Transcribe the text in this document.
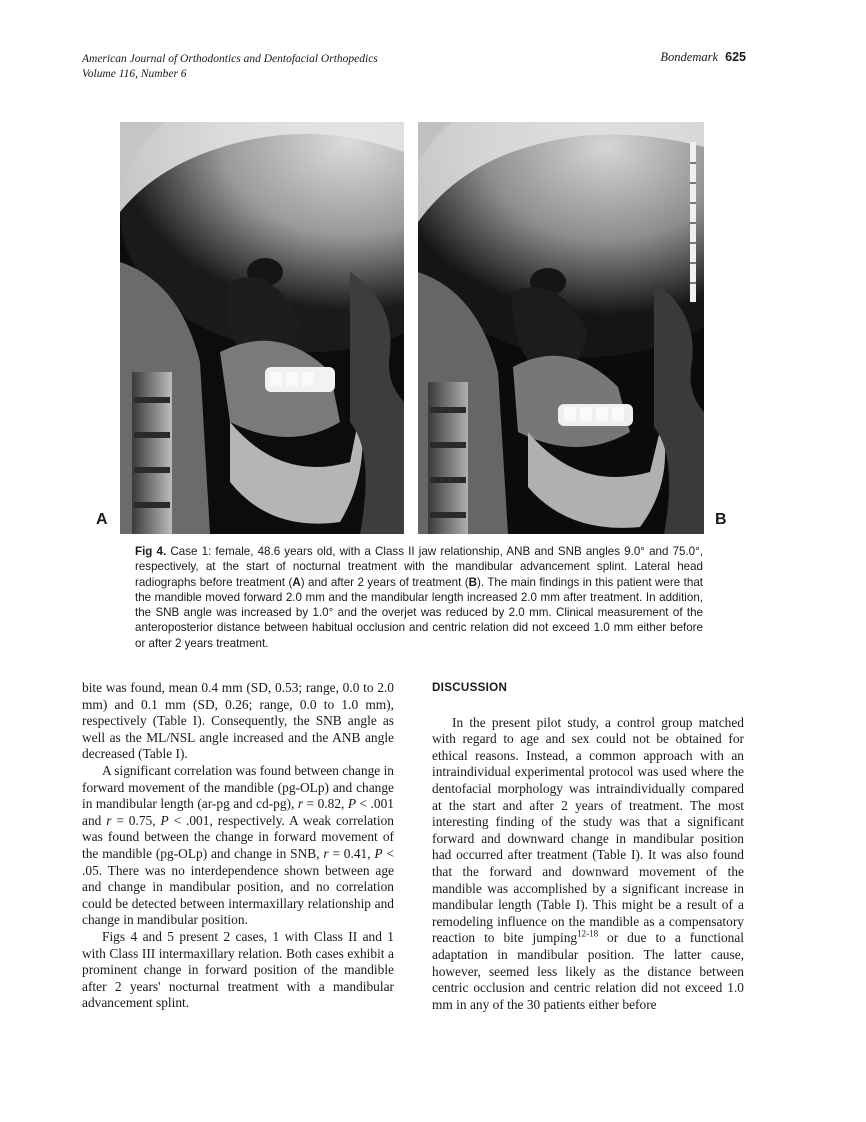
American Journal of Orthodontics and Dentofacial Orthopedics
Volume 116, Number 6
Bondemark 625
A	B
Fig 4. Case 1: female, 48.6 years old, with a Class II jaw relationship, ANB and SNB angles 9.0° and 75.0°, respectively, at the start of nocturnal treatment with the mandibular advancement splint. Lateral head radiographs before treatment (A) and after 2 years of treatment (B). The main findings in this patient were that the mandible moved forward 2.0 mm and the mandibular length increased 2.0 mm after treatment. In addition, the SNB angle was increased by 1.0° and the overjet was reduced by 2.0 mm. Clinical measurement of the anteroposterior distance between habitual occlusion and centric relation did not exceed 1.0 mm either before or after 2 years treatment.

bite was found, mean 0.4 mm (SD, 0.53; range, 0.0 to 2.0 mm) and 0.1 mm (SD, 0.26; range, 0.0 to 1.0 mm), respectively (Table I). Consequently, the SNB angle as well as the ML/NSL angle increased and the ANB angle decreased (Table I).

A significant correlation was found between change in forward movement of the mandible (pg-OLp) and change in mandibular length (ar-pg and cd-pg), r = 0.82, P < .001 and r = 0.75, P < .001, respectively. A weak correlation was found between the change in forward movement of the mandible (pg-OLp) and change in SNB, r = 0.41, P < .05. There was no interdependence shown between age and change in mandibular position, and no correlation could be detected between intermaxillary relationship and change in mandibular position.

Figs 4 and 5 present 2 cases, 1 with Class II and 1 with Class III intermaxillary relation. Both cases exhibit a prominent change in forward position of the mandible after 2 years' nocturnal treatment with a mandibular advancement splint.

DISCUSSION

In the present pilot study, a control group matched with regard to age and sex could not be obtained for ethical reasons. Instead, a common approach with an intraindividual experimental protocol was used where the dentofacial morphology was intraindividually compared at the start and after 2 years of treatment. The most interesting finding of the study was that a significant forward and downward change in mandibular position had occurred after treatment (Table I). It was also found that the forward and downward movement of the mandible was accomplished by a significant increase in mandibular length (Table I). This might be a result of a remodeling influence on the mandible as a compensatory reaction to bite jumping$^{12-18}$ or due to a functional adaptation in mandibular position. The latter cause, however, seemed less likely as the distance between centric occlusion and centric relation did not exceed 1.0 mm in any of the 30 patients either before
